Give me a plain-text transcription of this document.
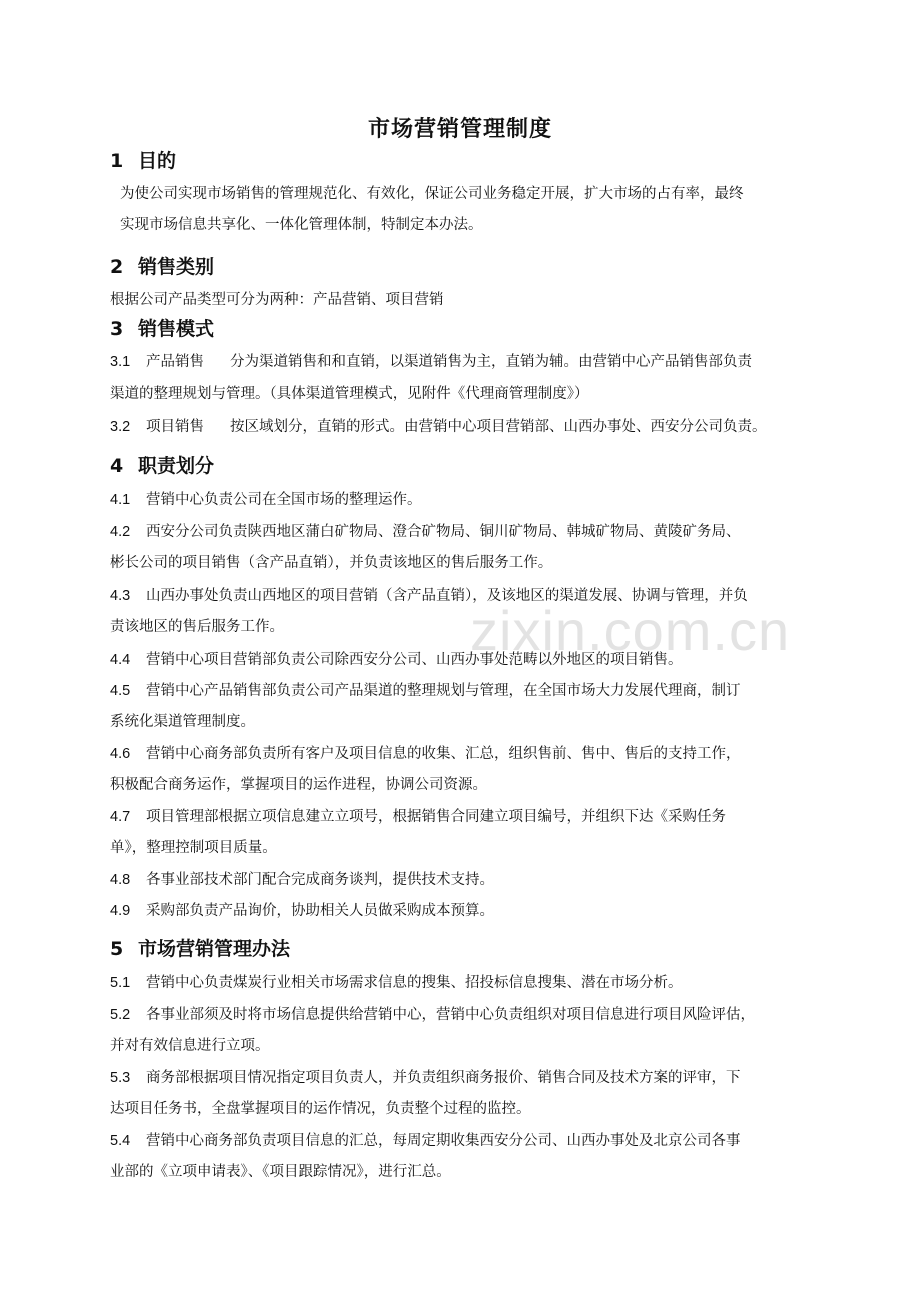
zixin.com.cn
市场营销管理制度
1 目的
为使公司实现市场销售的管理规范化、有效化，保证公司业务稳定开展，扩大市场的占有率，最终
实现市场信息共享化、一体化管理体制，特制定本办法。
2 销售类别
根据公司产品类型可分为两种：产品营销、项目营销
3 销售模式
3.1 产品销售 分为渠道销售和和直销，以渠道销售为主，直销为辅。由营销中心产品销售部负责
渠道的整理规划与管理。（具体渠道管理模式，见附件《代理商管理制度》）
3.2 项目销售 按区域划分，直销的形式。由营销中心项目营销部、山西办事处、西安分公司负责。
4 职责划分
4.1 营销中心负责公司在全国市场的整理运作。
4.2 西安分公司负责陕西地区蒲白矿物局、澄合矿物局、铜川矿物局、韩城矿物局、黄陵矿务局、
彬长公司的项目销售（含产品直销），并负责该地区的售后服务工作。
4.3 山西办事处负责山西地区的项目营销（含产品直销），及该地区的渠道发展、协调与管理，并负
责该地区的售后服务工作。
4.4 营销中心项目营销部负责公司除西安分公司、山西办事处范畴以外地区的项目销售。
4.5 营销中心产品销售部负责公司产品渠道的整理规划与管理，在全国市场大力发展代理商，制订
系统化渠道管理制度。
4.6 营销中心商务部负责所有客户及项目信息的收集、汇总，组织售前、售中、售后的支持工作，
积极配合商务运作，掌握项目的运作进程，协调公司资源。
4.7 项目管理部根据立项信息建立立项号，根据销售合同建立项目编号，并组织下达《采购任务
单》，整理控制项目质量。
4.8 各事业部技术部门配合完成商务谈判，提供技术支持。
4.9 采购部负责产品询价，协助相关人员做采购成本预算。
5 市场营销管理办法
5.1 营销中心负责煤炭行业相关市场需求信息的搜集、招投标信息搜集、潜在市场分析。
5.2 各事业部须及时将市场信息提供给营销中心，营销中心负责组织对项目信息进行项目风险评估，
并对有效信息进行立项。
5.3 商务部根据项目情况指定项目负责人，并负责组织商务报价、销售合同及技术方案的评审，下
达项目任务书，全盘掌握项目的运作情况，负责整个过程的监控。
5.4 营销中心商务部负责项目信息的汇总，每周定期收集西安分公司、山西办事处及北京公司各事
业部的《立项申请表》、《项目跟踪情况》，进行汇总。
